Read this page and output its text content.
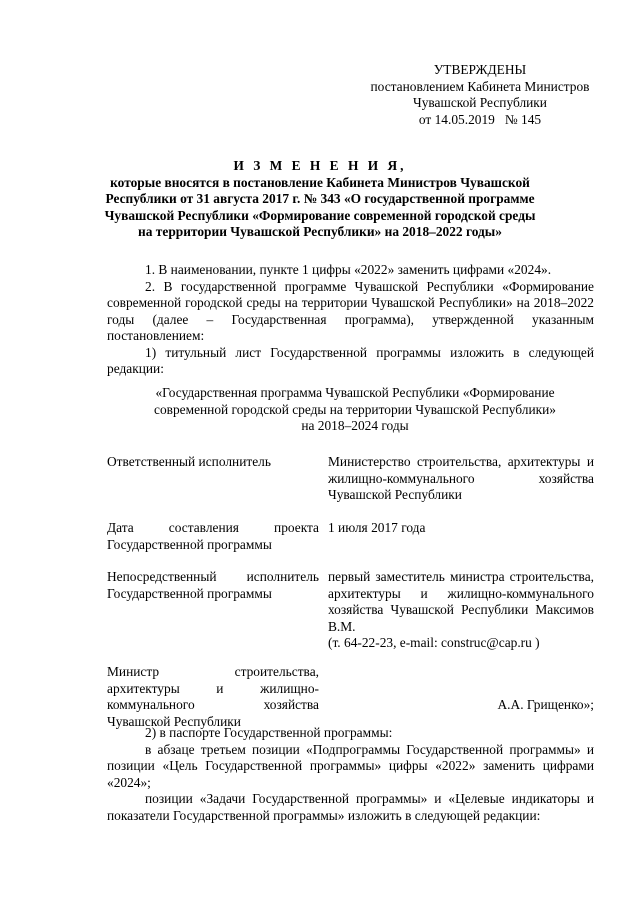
УТВЕРЖДЕНЫ

постановлением Кабинета Министров

Чувашской Республики

от 14.05.2019   № 145

И З М Е Н Е Н И Я,

которые вносятся в постановление Кабинета Министров Чувашской Республики от 31 августа 2017 г. № 343 «О государственной программе Чувашской Республики «Формирование современной городской среды на территории Чувашской Республики» на 2018–2022 годы»

1. В наименовании, пункте 1 цифры «2022» заменить цифрами «2024».

2. В государственной программе Чувашской Республики «Формирование современной городской среды на территории Чувашской Республики» на 2018–2022 годы (далее – Государственная программа), утвержденной указанным постановлением:

1) титульный лист Государственной программы изложить в следующей редакции:

«Государственная программа Чувашской Республики «Формирование

современной городской среды на территории Чувашской Республики»

на 2018–2024 годы

Ответственный исполнитель	Министерство строительства, архитектуры и жилищно-коммунального хозяйства Чувашской Республики
Дата составления проекта Государственной программы
1 июля 2017 года
Непосредственный исполнитель Государственной программы

первый заместитель министра строительства, архитектуры и жилищно-коммунального хозяйства Чувашской Республики Максимов В.М.

(т. 64-22-23, e-mail: construc@cap.ru )

Министр строительства, архитектуры и жилищно-коммунального хозяйства Чувашской Республики
А.А. Грищенко»;

2) в паспорте Государственной программы:

в абзаце третьем позиции «Подпрограммы Государственной программы» и позиции «Цель Государственной программы» цифры «2022» заменить цифрами «2024»;

позиции «Задачи Государственной программы» и «Целевые индикаторы и показатели Государственной программы» изложить в следующей редакции:
